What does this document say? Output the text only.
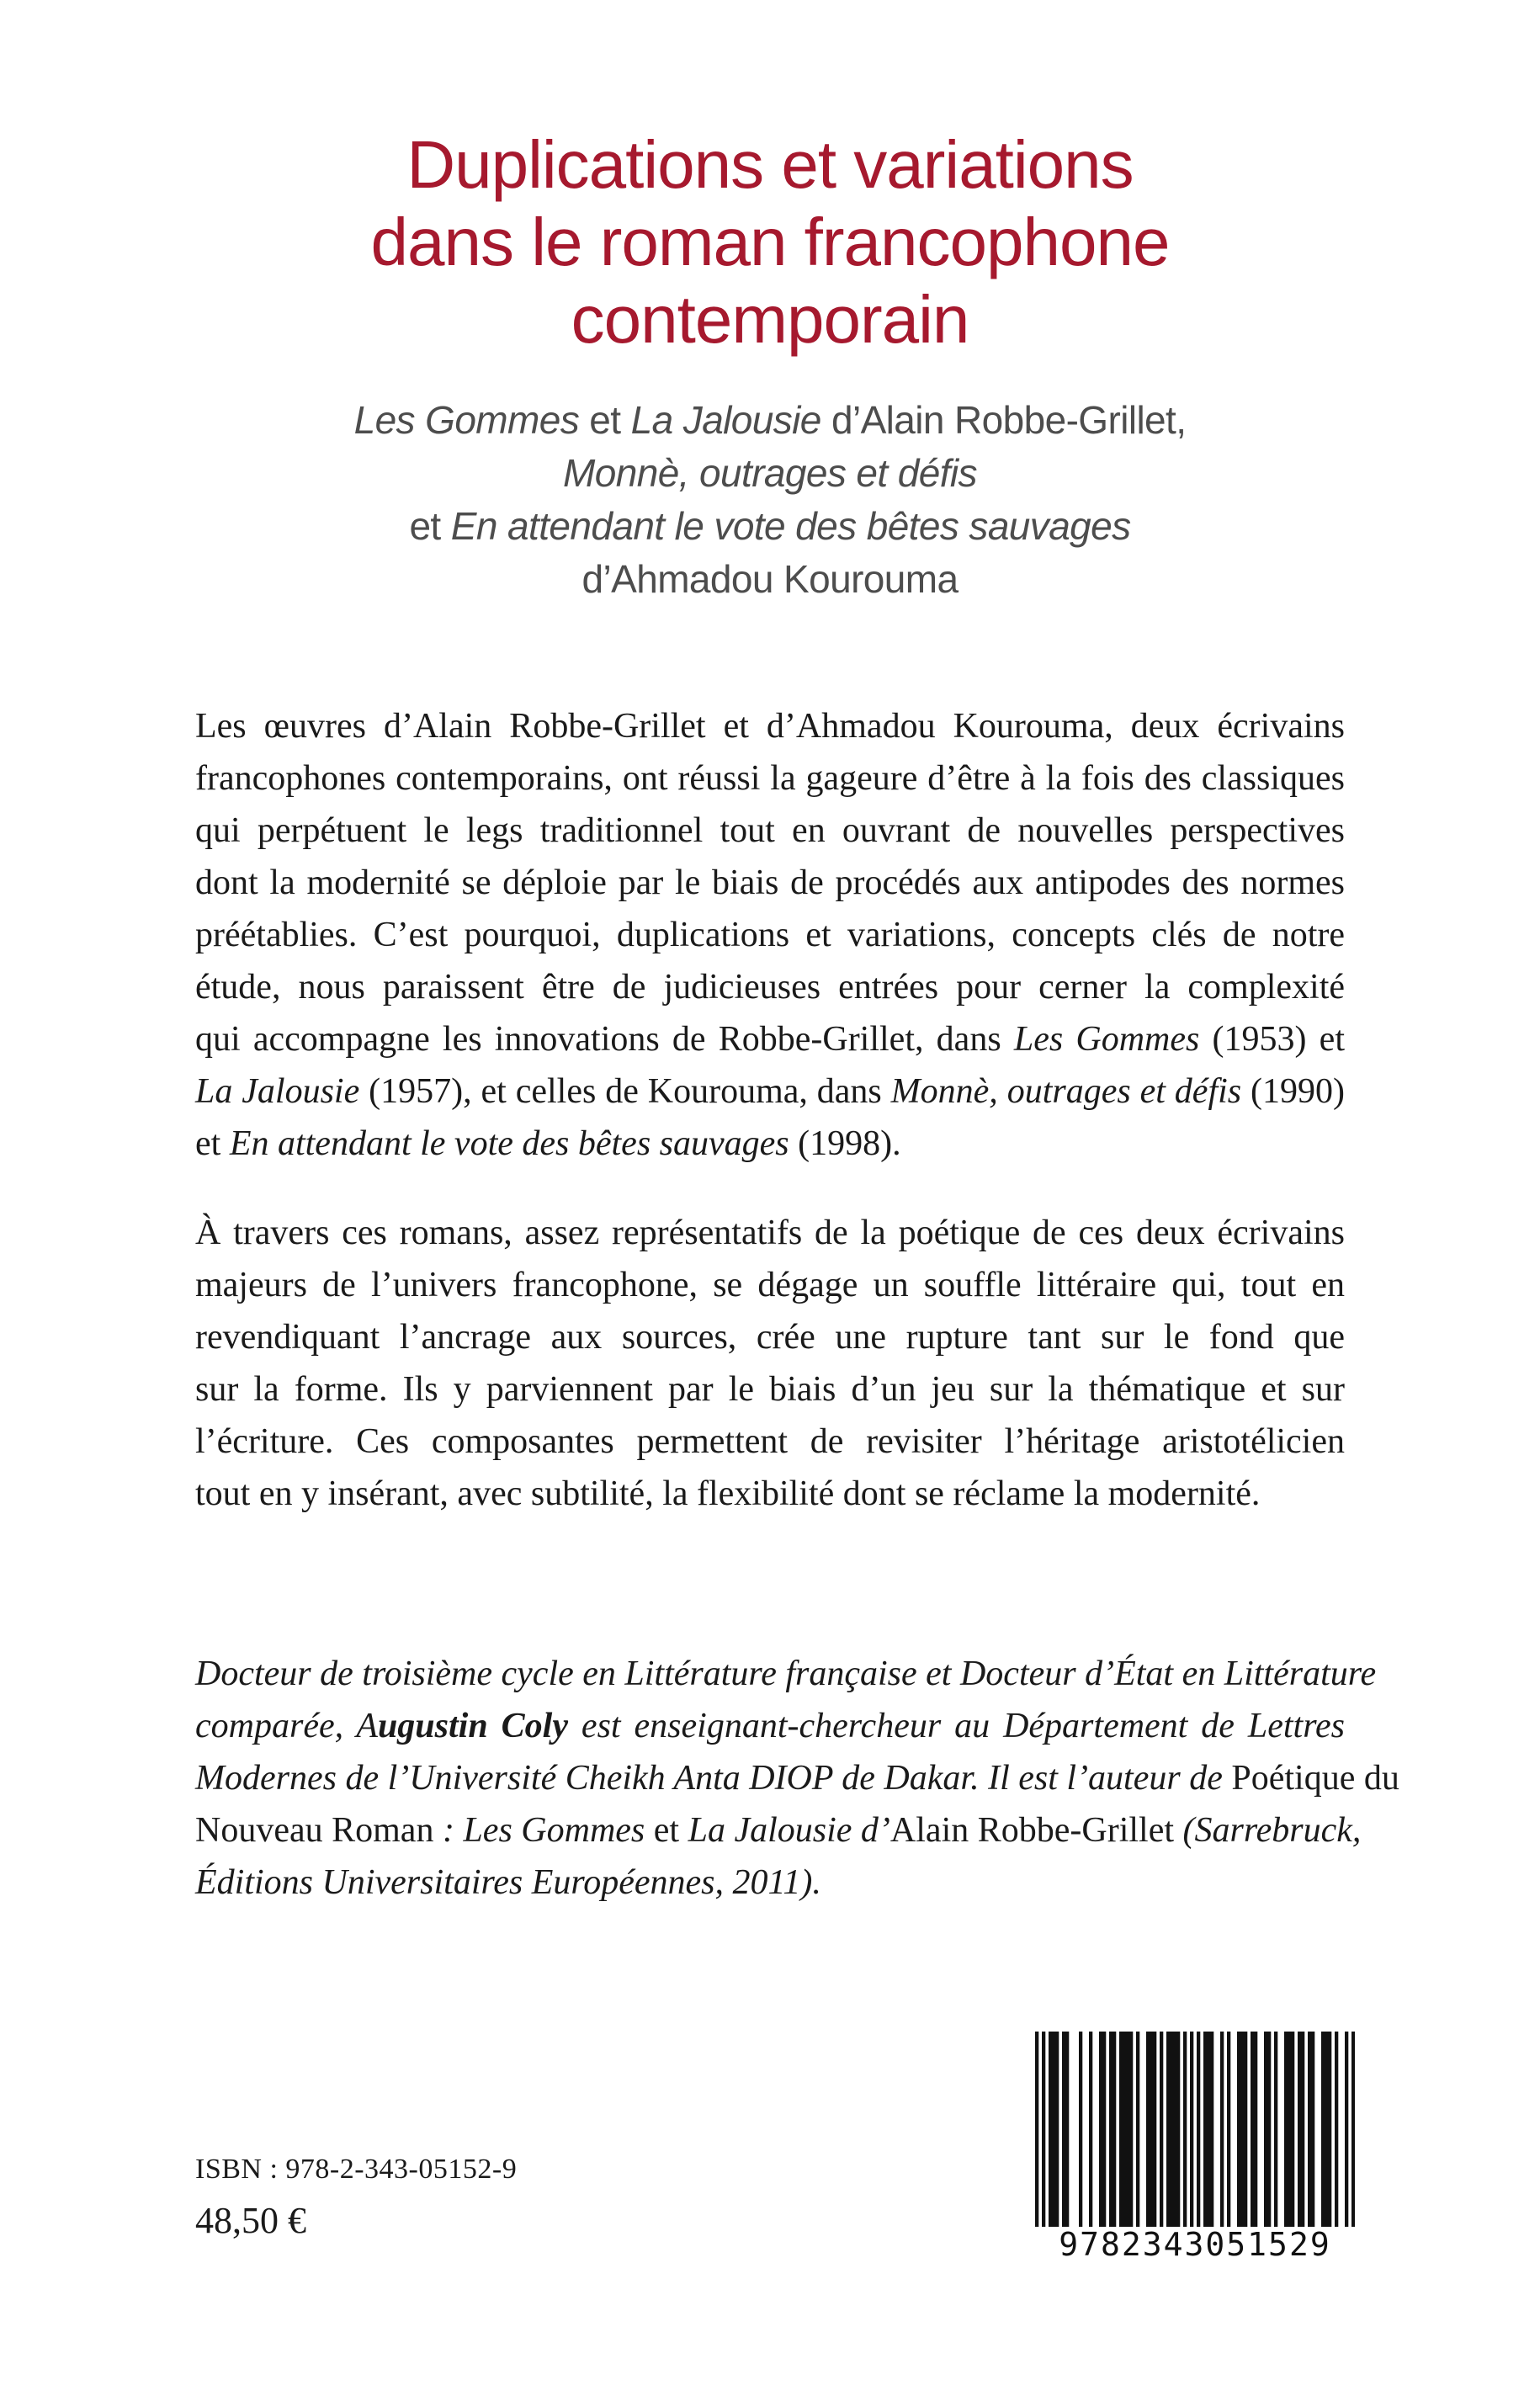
Duplications et variations
dans le roman francophone
contemporain
Les Gommes et La Jalousie d’Alain Robbe-Grillet,
Monnè, outrages et défis
et En attendant le vote des bêtes sauvages
d’Ahmadou Kourouma
Les œuvres d’Alain Robbe-Grillet et d’Ahmadou Kourouma, deux écrivains
francophones contemporains, ont réussi la gageure d’être à la fois des classiques
qui perpétuent le legs traditionnel tout en ouvrant de nouvelles perspectives
dont la modernité se déploie par le biais de procédés aux antipodes des normes
préétablies. C’est pourquoi, duplications et variations, concepts clés de notre
étude, nous paraissent être de judicieuses entrées pour cerner la complexité
qui accompagne les innovations de Robbe-Grillet, dans Les Gommes (1953) et
La Jalousie (1957), et celles de Kourouma, dans Monnè, outrages et défis (1990)
et En attendant le vote des bêtes sauvages (1998).
À travers ces romans, assez représentatifs de la poétique de ces deux écrivains
majeurs de l’univers francophone, se dégage un souffle littéraire qui, tout en
revendiquant l’ancrage aux sources, crée une rupture tant sur le fond que
sur la forme. Ils y parviennent par le biais d’un jeu sur la thématique et sur
l’écriture. Ces composantes permettent de revisiter l’héritage aristotélicien
tout en y insérant, avec subtilité, la flexibilité dont se réclame la modernité.
Docteur de troisième cycle en Littérature française et Docteur d’État en Littérature
comparée, Augustin Coly est enseignant-chercheur au Département de Lettres
Modernes de l’Université Cheikh Anta DIOP de Dakar. Il est l’auteur de Poétique du
Nouveau Roman : Les Gommes et La Jalousie d’Alain Robbe-Grillet (Sarrebruck,
Éditions Universitaires Européennes, 2011).
ISBN : 978-2-343-05152-9
48,50 €
9782343051529
